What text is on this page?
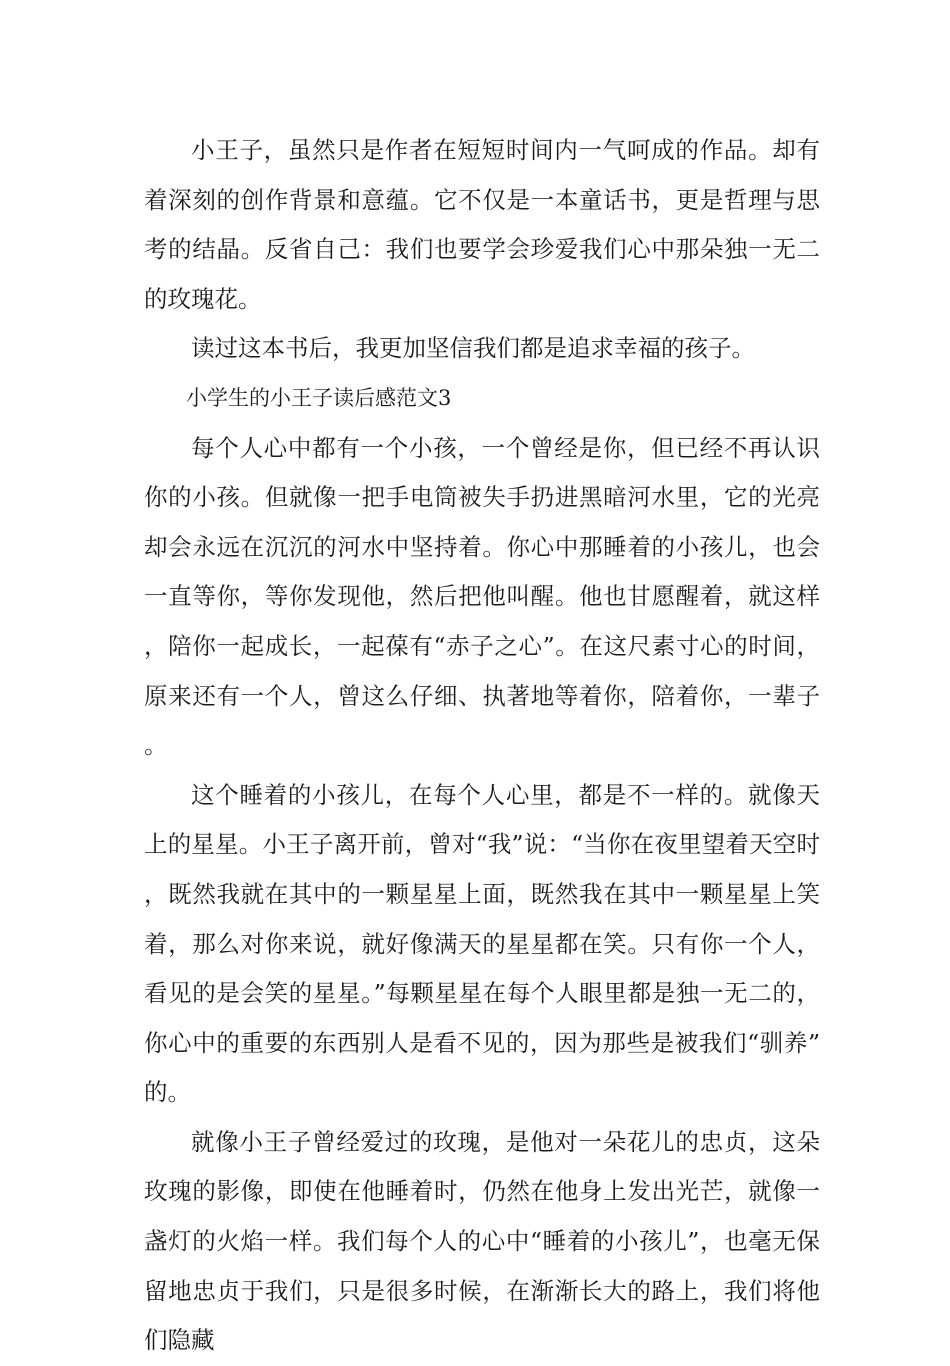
小王子，虽然只是作者在短短时间内一气呵成的作品。却有着深刻的创作背景和意蕴。它不仅是一本童话书，更是哲理与思考的结晶。反省自己：我们也要学会珍爱我们心中那朵独一无二的玫瑰花。

读过这本书后，我更加坚信我们都是追求幸福的孩子。

小学生的小王子读后感范文3

每个人心中都有一个小孩，一个曾经是你，但已经不再认识你的小孩。但就像一把手电筒被失手扔进黑暗河水里，它的光亮却会永远在沉沉的河水中坚持着。你心中那睡着的小孩儿，也会一直等你，等你发现他，然后把他叫醒。他也甘愿醒着，就这样，陪你一起成长，一起葆有“赤子之心”。在这尺素寸心的时间，原来还有一个人，曾这么仔细、执著地等着你，陪着你，一辈子。

这个睡着的小孩儿，在每个人心里，都是不一样的。就像天上的星星。小王子离开前，曾对“我”说：“当你在夜里望着天空时，既然我就在其中的一颗星星上面，既然我在其中一颗星星上笑着，那么对你来说，就好像满天的星星都在笑。只有你一个人，看见的是会笑的星星。”每颗星星在每个人眼里都是独一无二的，你心中的重要的东西别人是看不见的，因为那些是被我们“驯养”的。

就像小王子曾经爱过的玫瑰，是他对一朵花儿的忠贞，这朵玫瑰的影像，即使在他睡着时，仍然在他身上发出光芒，就像一盏灯的火焰一样。我们每个人的心中“睡着的小孩儿”，也毫无保留地忠贞于我们，只是很多时候，在渐渐长大的路上，我们将他们隐藏
